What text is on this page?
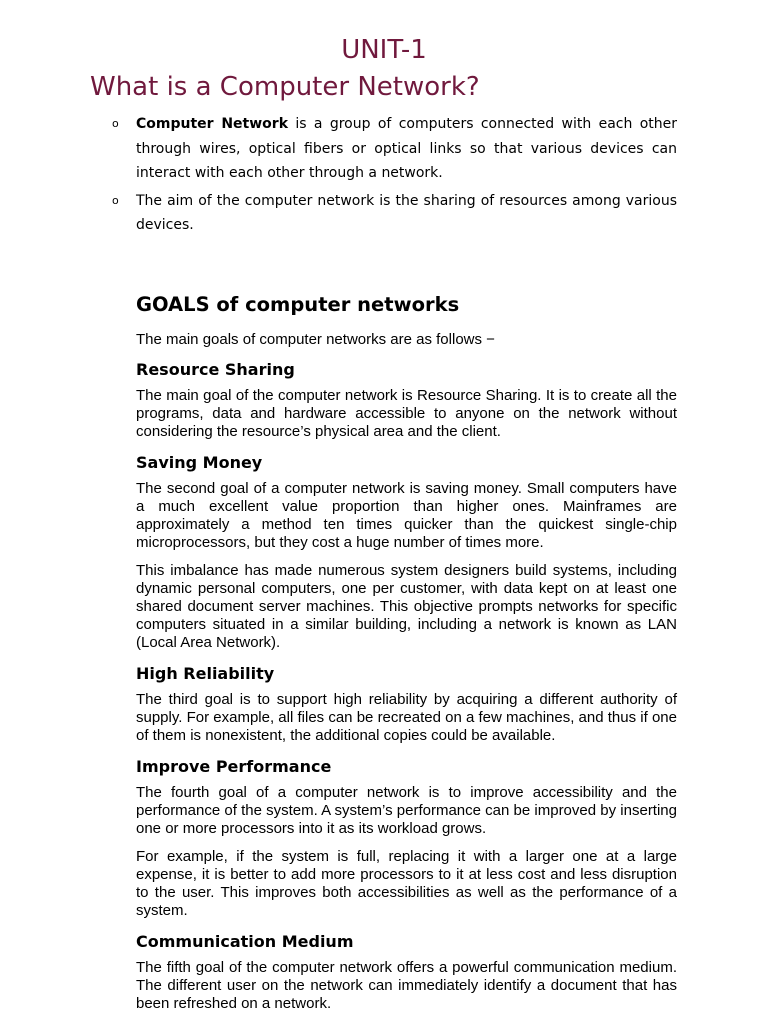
UNIT-1
What is a Computer Network?
o Computer Network is a group of computers connected with each other through wires, optical fibers or optical links so that various devices can interact with each other through a network.
o The aim of the computer network is the sharing of resources among various devices.
GOALS of computer networks

The main goals of computer networks are as follows −

Resource Sharing

The main goal of the computer network is Resource Sharing. It is to create all the programs, data and hardware accessible to anyone on the network without considering the resource’s physical area and the client.

Saving Money

The second goal of a computer network is saving money. Small computers have a much excellent value proportion than higher ones. Mainframes are approximately a method ten times quicker than the quickest single-chip microprocessors, but they cost a huge number of times more.

This imbalance has made numerous system designers build systems, including dynamic personal computers, one per customer, with data kept on at least one shared document server machines. This objective prompts networks for specific computers situated in a similar building, including a network is known as LAN (Local Area Network).

High Reliability

The third goal is to support high reliability by acquiring a different authority of supply. For example, all files can be recreated on a few machines, and thus if one of them is nonexistent, the additional copies could be available.

Improve Performance

The fourth goal of a computer network is to improve accessibility and the performance of the system. A system’s performance can be improved by inserting one or more processors into it as its workload grows.

For example, if the system is full, replacing it with a larger one at a large expense, it is better to add more processors to it at less cost and less disruption to the user. This improves both accessibilities as well as the performance of a system.

Communication Medium

The fifth goal of the computer network offers a powerful communication medium. The different user on the network can immediately identify a document that has been refreshed on a network.
